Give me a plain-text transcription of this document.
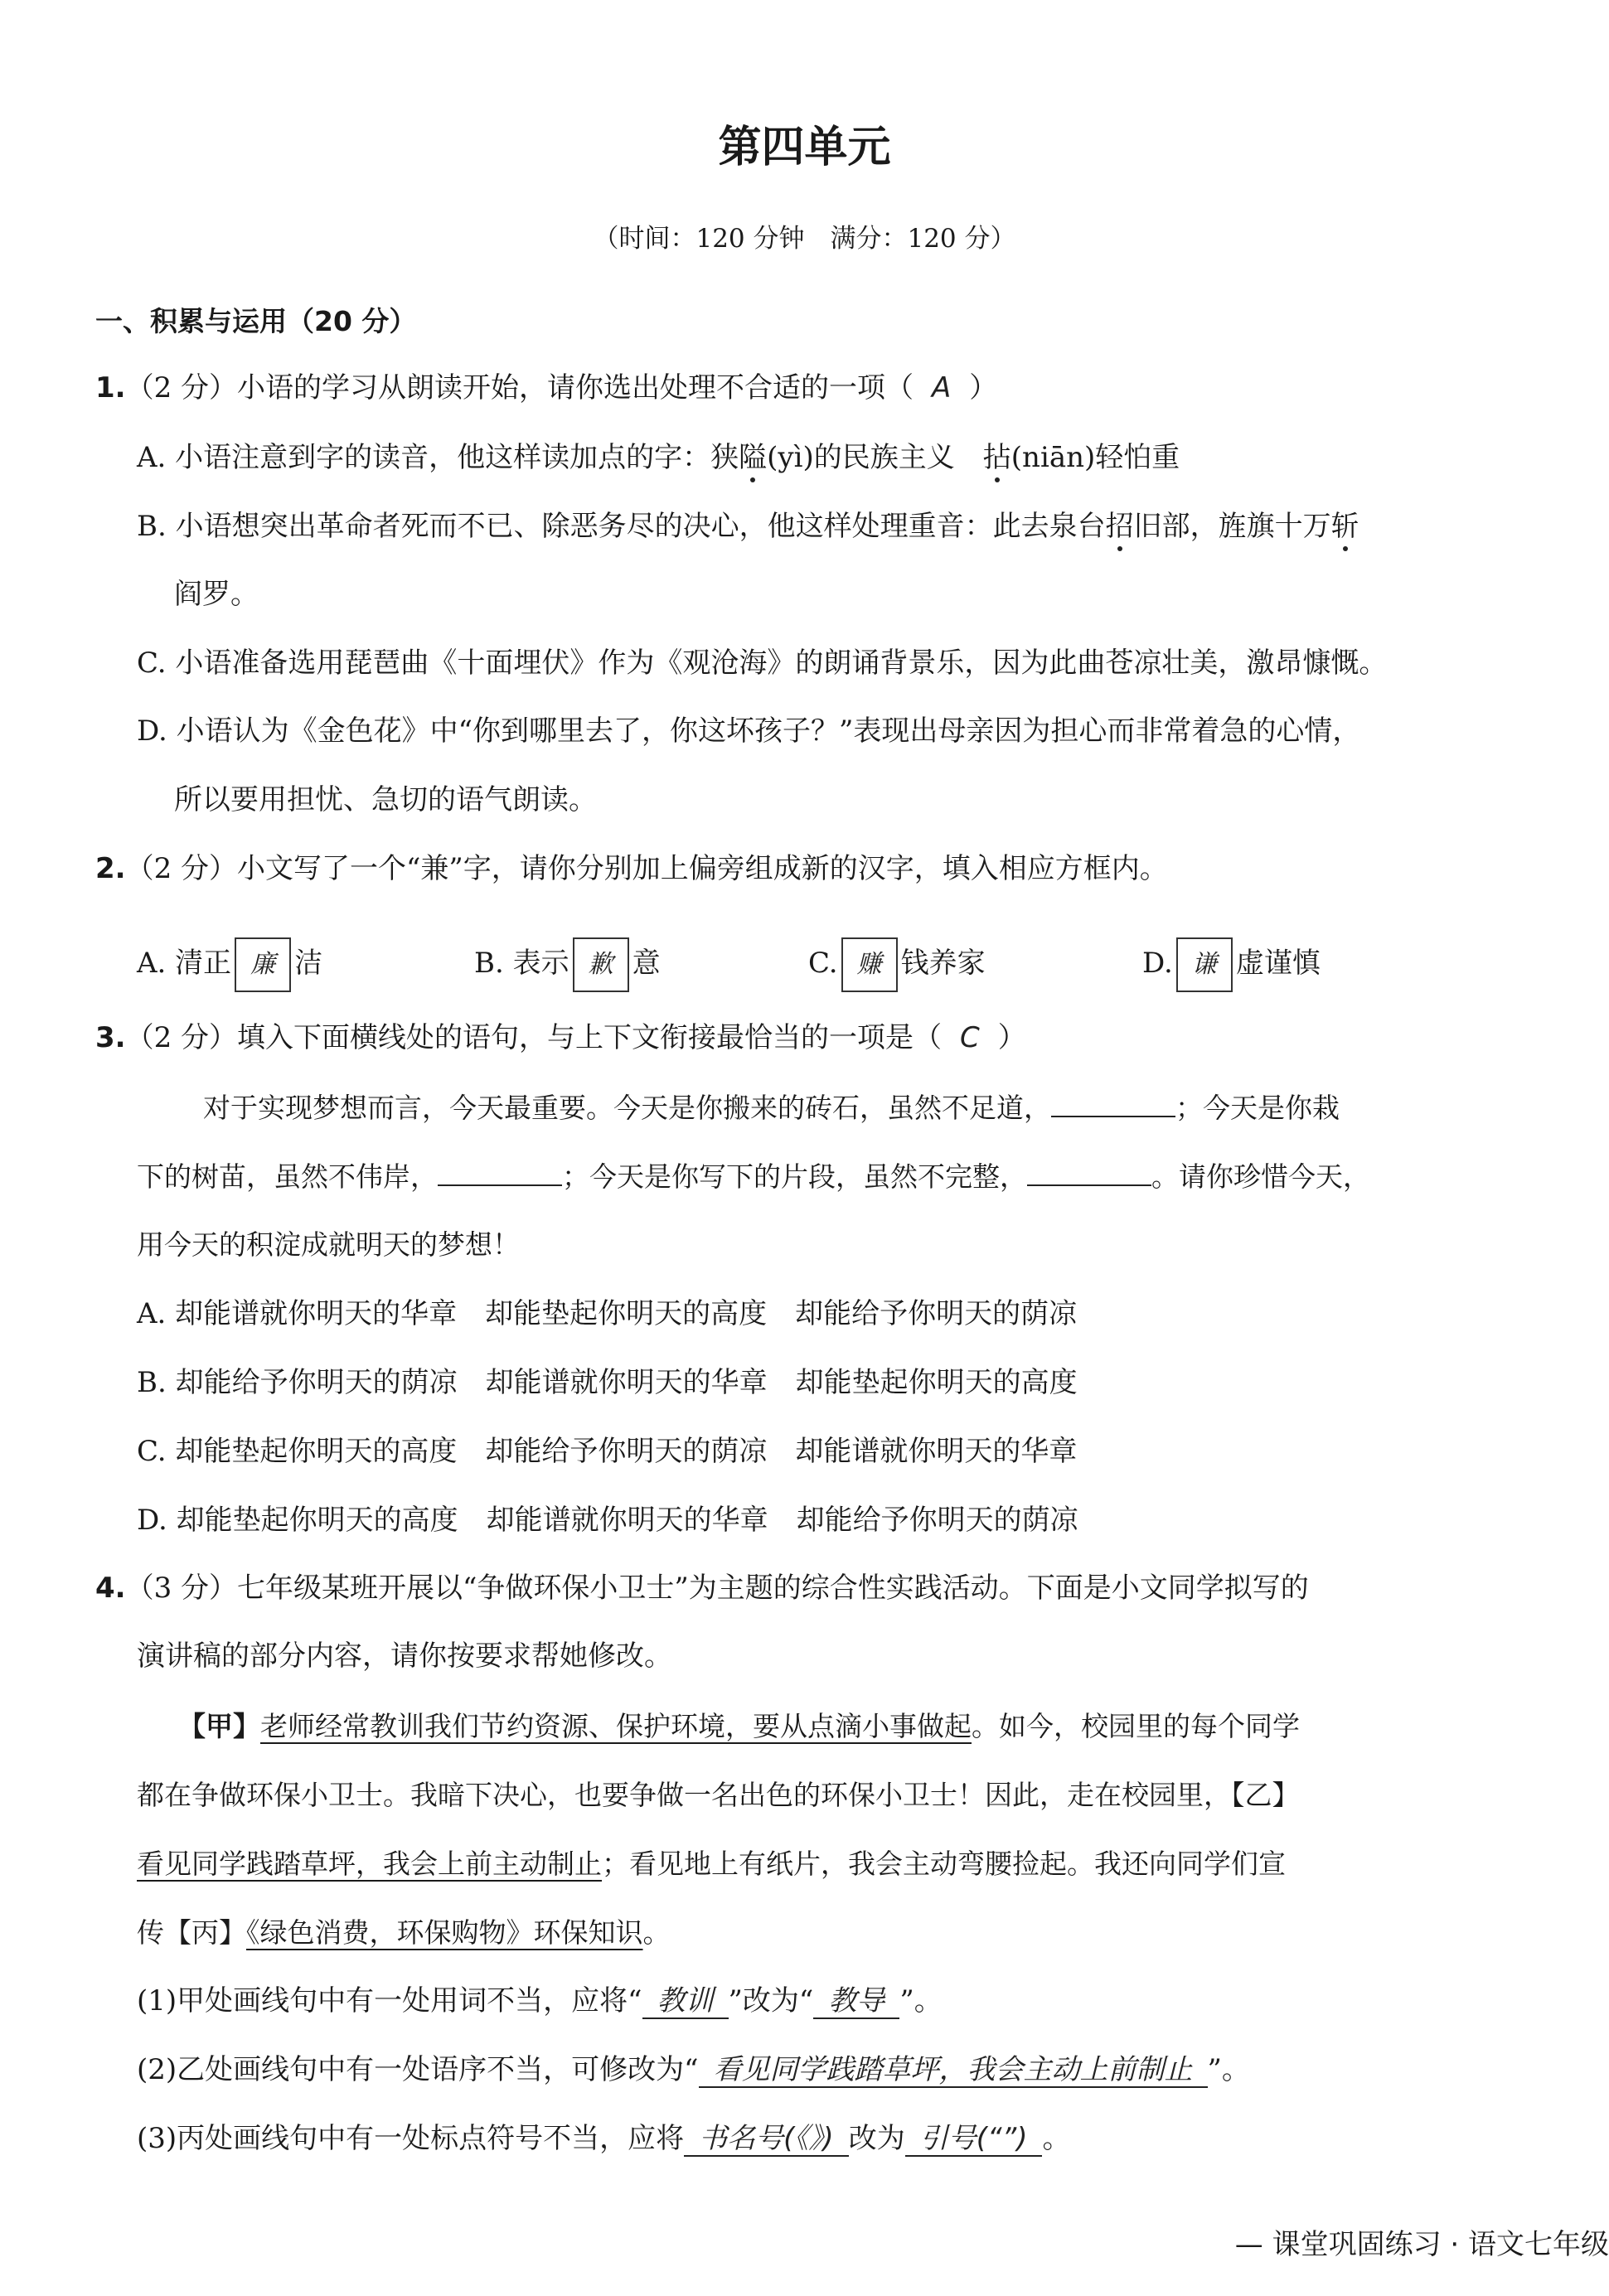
第四单元
（时间：120 分钟　满分：120 分）
一、积累与运用（20 分）
1.（2 分）小语的学习从朗读开始，请你选出处理不合适的一项（ A ）
A. 小语注意到字的读音，他这样读加点的字：狭隘(yì)的民族主义　拈(niān)轻怕重
B. 小语想突出革命者死而不已、除恶务尽的决心，他这样处理重音：此去泉台招旧部，旌旗十万斩
阎罗。
C. 小语准备选用琵琶曲《十面埋伏》作为《观沧海》的朗诵背景乐，因为此曲苍凉壮美，激昂慷慨。
D. 小语认为《金色花》中“你到哪里去了，你这坏孩子？”表现出母亲因为担心而非常着急的心情，
所以要用担忧、急切的语气朗读。
2.（2 分）小文写了一个“兼”字，请你分别加上偏旁组成新的汉字，填入相应方框内。
A. 清正 廉 洁	B. 表示 歉 意	C. 赚 钱养家	D. 谦 虚谨慎
3.（2 分）填入下面横线处的语句，与上下文衔接最恰当的一项是（ C ）
对于实现梦想而言，今天最重要。今天是你搬来的砖石，虽然不足道，	；今天是你栽
下的树苗，虽然不伟岸，	；今天是你写下的片段，虽然不完整，	。请你珍惜今天，
用今天的积淀成就明天的梦想！
A. 却能谱就你明天的华章　却能垫起你明天的高度　却能给予你明天的荫凉
B. 却能给予你明天的荫凉　却能谱就你明天的华章　却能垫起你明天的高度
C. 却能垫起你明天的高度　却能给予你明天的荫凉　却能谱就你明天的华章
D. 却能垫起你明天的高度　却能谱就你明天的华章　却能给予你明天的荫凉
4.（3 分）七年级某班开展以“争做环保小卫士”为主题的综合性实践活动。下面是小文同学拟写的
演讲稿的部分内容，请你按要求帮她修改。
【甲】老师经常教训我们节约资源、保护环境，要从点滴小事做起。如今，校园里的每个同学
都在争做环保小卫士。我暗下决心，也要争做一名出色的环保小卫士！因此，走在校园里，【乙】
看见同学践踏草坪，我会上前主动制止；看见地上有纸片，我会主动弯腰捡起。我还向同学们宣
传【丙】《绿色消费，环保购物》环保知识。
(1)甲处画线句中有一处用词不当，应将“ 教训 ”改为“ 教导 ”。
(2)乙处画线句中有一处语序不当，可修改为“ 看见同学践踏草坪，我会主动上前制止 ”。
(3)丙处画线句中有一处标点符号不当，应将 书名号(《》) 改为 引号(“”) 。
— 课堂巩固练习 · 语文七年级
